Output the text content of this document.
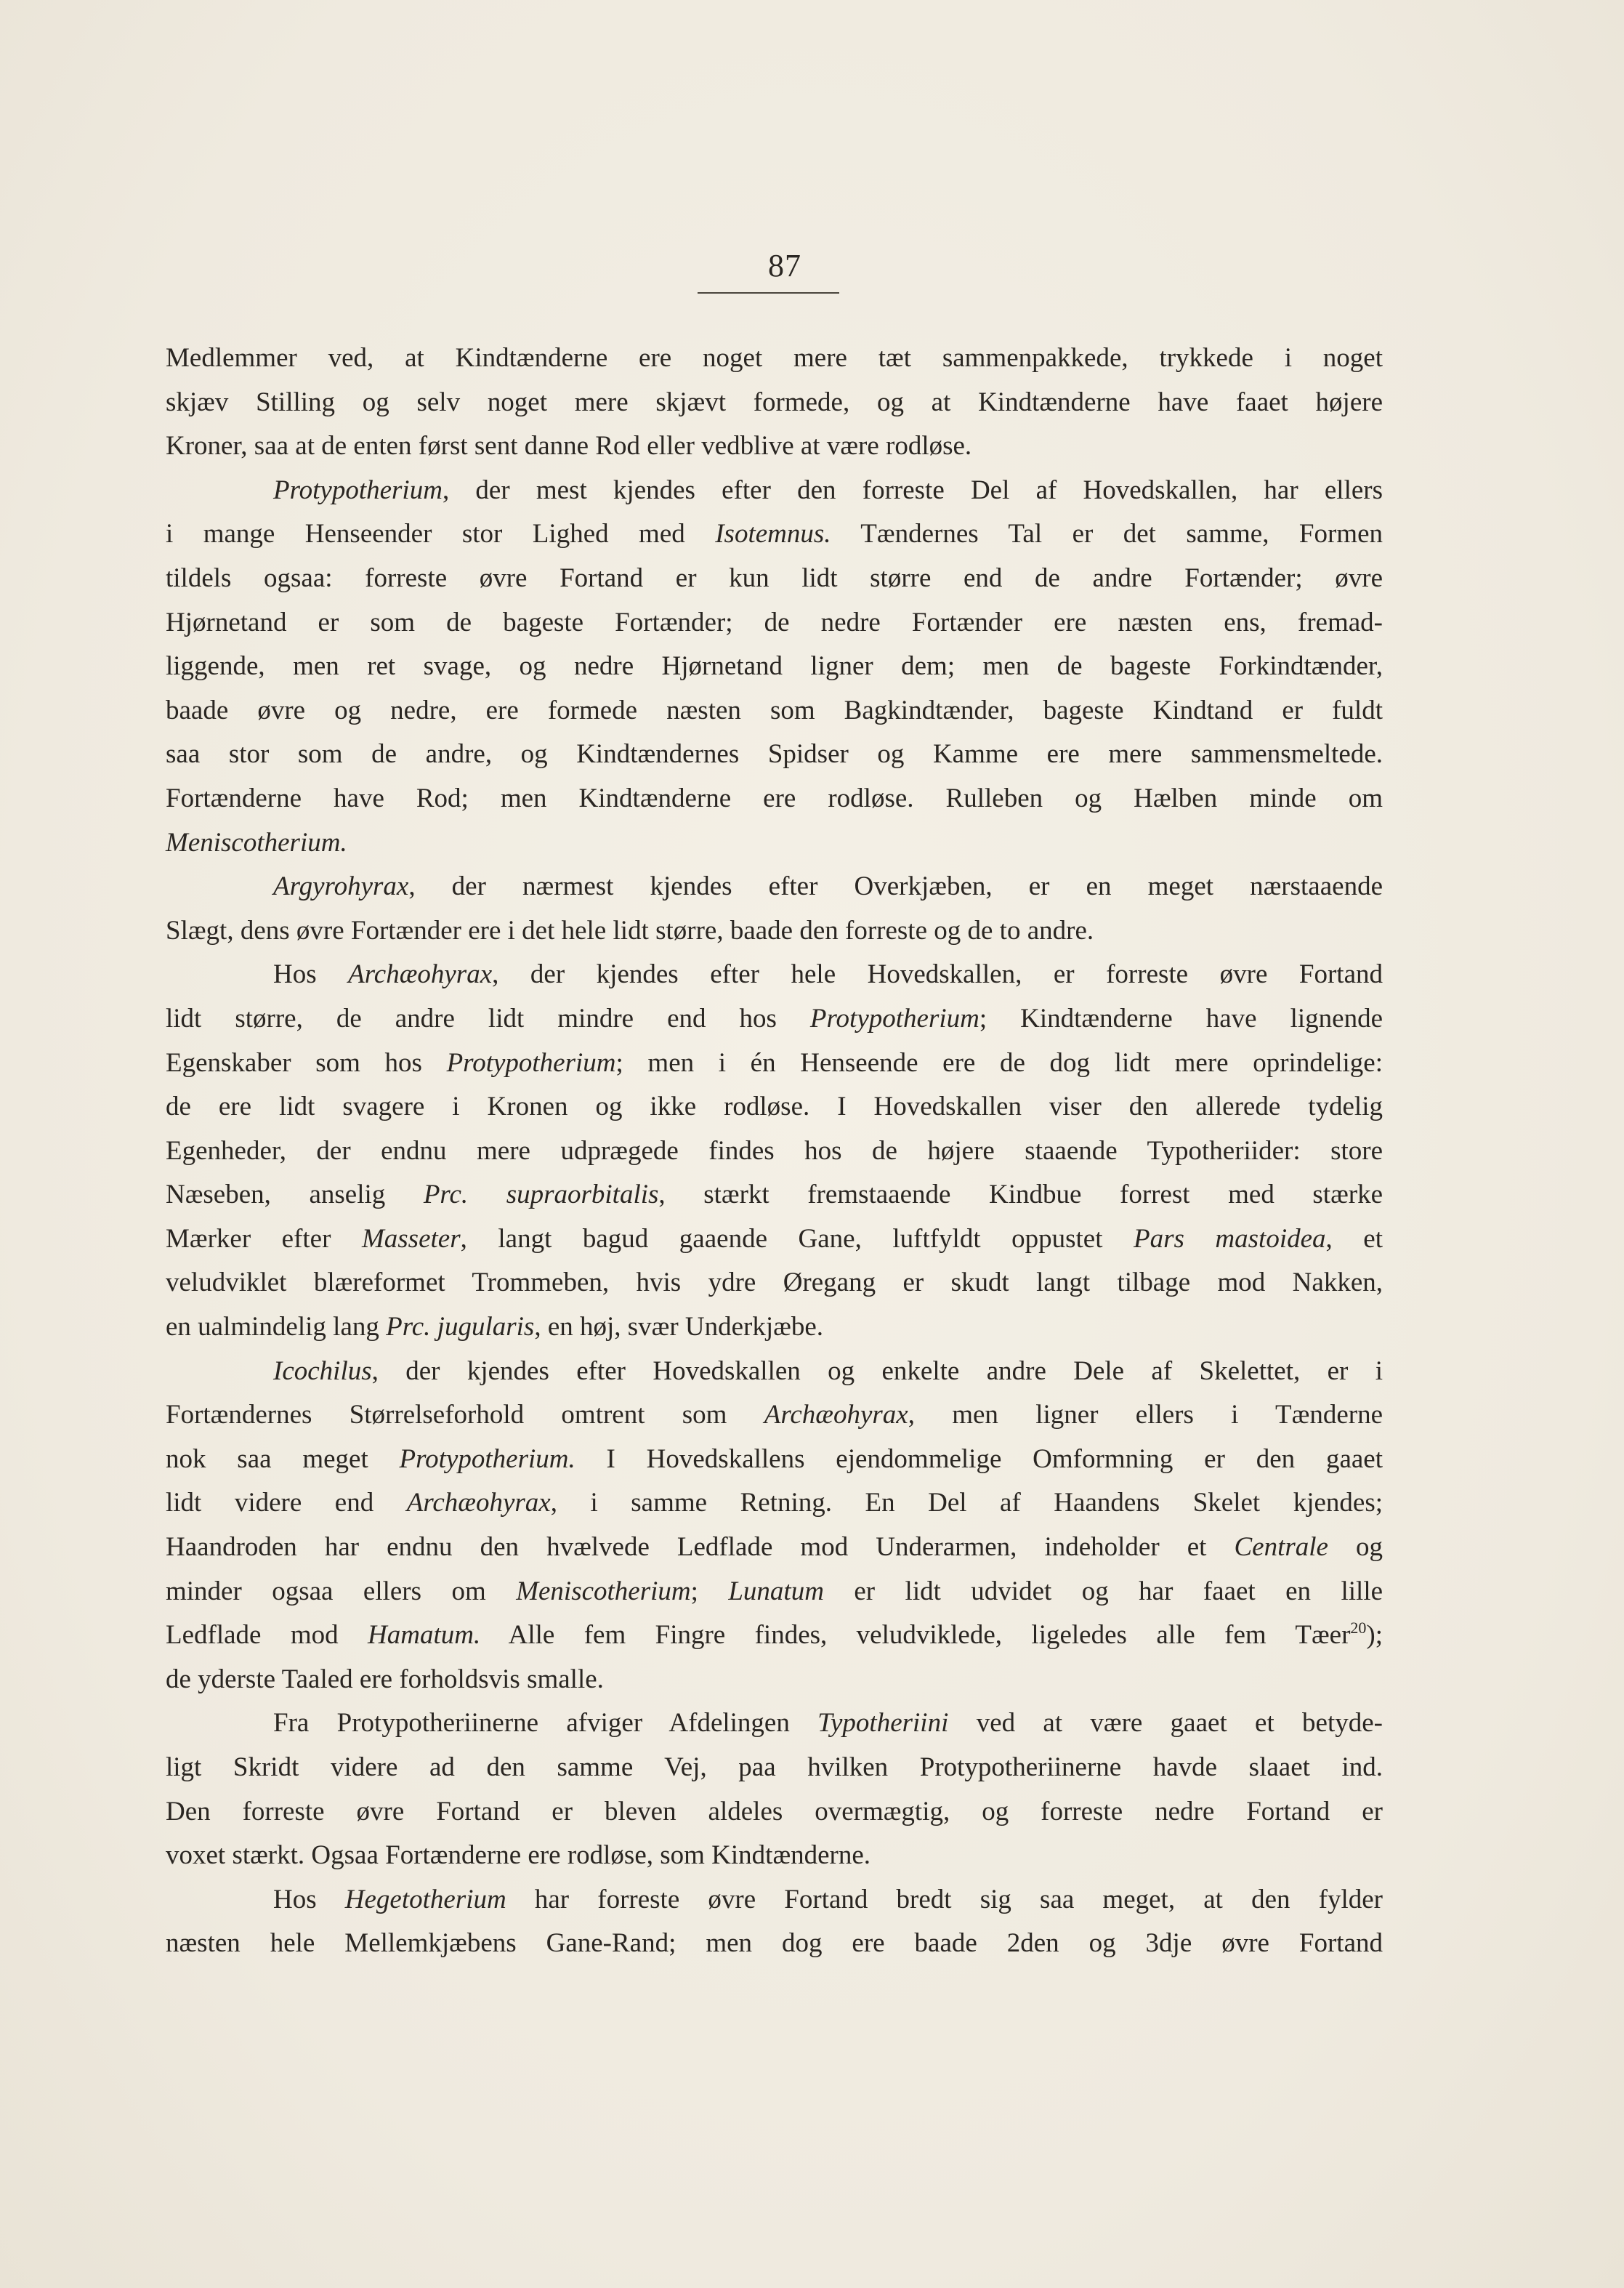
87
Medlemmer ved, at Kindtænderne ere noget mere tæt sammenpakkede, trykkede i noget
skjæv Stilling og selv noget mere skjævt formede, og at Kindtænderne have faaet højere
Kroner, saa at de enten først sent danne Rod eller vedblive at være rodløse.
Protypotherium, der mest kjendes efter den forreste Del af Hovedskallen, har ellers
i mange Henseender stor Lighed med Isotemnus. Tændernes Tal er det samme, Formen
tildels ogsaa: forreste øvre Fortand er kun lidt større end de andre Fortænder; øvre
Hjørnetand er som de bageste Fortænder; de nedre Fortænder ere næsten ens, fremad-
liggende, men ret svage, og nedre Hjørnetand ligner dem; men de bageste Forkindtænder,
baade øvre og nedre, ere formede næsten som Bagkindtænder, bageste Kindtand er fuldt
saa stor som de andre, og Kindtændernes Spidser og Kamme ere mere sammensmeltede.
Fortænderne have Rod; men Kindtænderne ere rodløse. Rulleben og Hælben minde om
Meniscotherium.
Argyrohyrax, der nærmest kjendes efter Overkjæben, er en meget nærstaaende
Slægt, dens øvre Fortænder ere i det hele lidt større, baade den forreste og de to andre.
Hos Archæohyrax, der kjendes efter hele Hovedskallen, er forreste øvre Fortand
lidt større, de andre lidt mindre end hos Protypotherium; Kindtænderne have lignende
Egenskaber som hos Protypotherium; men i én Henseende ere de dog lidt mere oprindelige:
de ere lidt svagere i Kronen og ikke rodløse. I Hovedskallen viser den allerede tydelig
Egenheder, der endnu mere udprægede findes hos de højere staaende Typotheriider: store
Næseben, anselig Prc. supraorbitalis, stærkt fremstaaende Kindbue forrest med stærke
Mærker efter Masseter, langt bagud gaaende Gane, luftfyldt oppustet Pars mastoidea, et
veludviklet blæreformet Trommeben, hvis ydre Øregang er skudt langt tilbage mod Nakken,
en ualmindelig lang Prc. jugularis, en høj, svær Underkjæbe.
Icochilus, der kjendes efter Hovedskallen og enkelte andre Dele af Skelettet, er i
Fortændernes Størrelseforhold omtrent som Archæohyrax, men ligner ellers i Tænderne
nok saa meget Protypotherium. I Hovedskallens ejendommelige Omformning er den gaaet
lidt videre end Archæohyrax, i samme Retning. En Del af Haandens Skelet kjendes;
Haandroden har endnu den hvælvede Ledflade mod Underarmen, indeholder et Centrale og
minder ogsaa ellers om Meniscotherium; Lunatum er lidt udvidet og har faaet en lille
Ledflade mod Hamatum. Alle fem Fingre findes, veludviklede, ligeledes alle fem Tæer$^{20}$);
de yderste Taaled ere forholdsvis smalle.
Fra Protypotheriinerne afviger Afdelingen Typotheriini ved at være gaaet et betyde-
ligt Skridt videre ad den samme Vej, paa hvilken Protypotheriinerne havde slaaet ind.
Den forreste øvre Fortand er bleven aldeles overmægtig, og forreste nedre Fortand er
voxet stærkt. Ogsaa Fortænderne ere rodløse, som Kindtænderne.
Hos Hegetotherium har forreste øvre Fortand bredt sig saa meget, at den fylder
næsten hele Mellemkjæbens Gane-Rand; men dog ere baade 2den og 3dje øvre Fortand
